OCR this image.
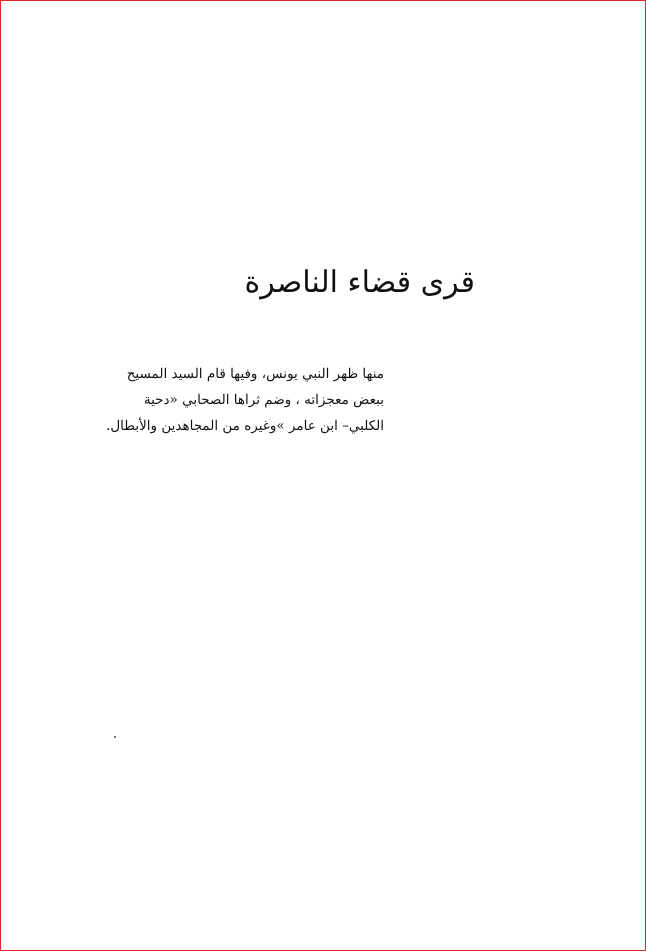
قرى قضاء الناصرة
منها ظهر النبي يونس، وفيها قام السيد المسيح
ببعض معجزاته ، وضم ثراها الصحابي «دحية
الكلبي– ابن عامر »وغيره من المجاهدين والأبطال.
